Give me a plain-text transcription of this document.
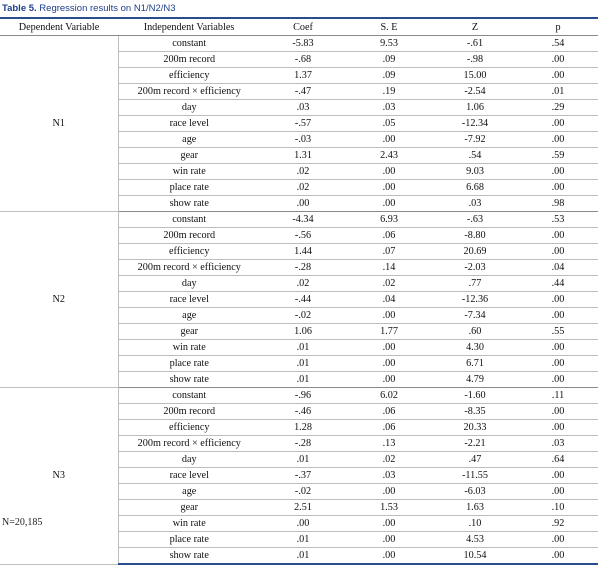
Table 5. Regression results on N1/N2/N3
Dependent Variable	Independent Variables	Coef	S. E	Z	p
N1	constant	-5.83	9.53	-.61	.54
	200m record	-.68	.09	-.98	.00
	efficiency	1.37	.09	15.00	.00
	200m record × efficiency	-.47	.19	-2.54	.01
	day	.03	.03	1.06	.29
	race level	-.57	.05	-12.34	.00
	age	-.03	.00	-7.92	.00
	gear	1.31	2.43	.54	.59
	win rate	.02	.00	9.03	.00
	place rate	.02	.00	6.68	.00
	show rate	.00	.00	.03	.98
N2	constant	-4.34	6.93	-.63	.53
	200m record	-.56	.06	-8.80	.00
	efficiency	1.44	.07	20.69	.00
	200m record × efficiency	-.28	.14	-2.03	.04
	day	.02	.02	.77	.44
	race level	-.44	.04	-12.36	.00
	age	-.02	.00	-7.34	.00
	gear	1.06	1.77	.60	.55
	win rate	.01	.00	4.30	.00
	place rate	.01	.00	6.71	.00
	show rate	.01	.00	4.79	.00
N3	constant	-.96	6.02	-1.60	.11
	200m record	-.46	.06	-8.35	.00
	efficiency	1.28	.06	20.33	.00
	200m record × efficiency	-.28	.13	-2.21	.03
	day	.01	.02	.47	.64
	race level	-.37	.03	-11.55	.00
	age	-.02	.00	-6.03	.00
	gear	2.51	1.53	1.63	.10
	win rate	.00	.00	.10	.92
	place rate	.01	.00	4.53	.00
	show rate	.01	.00	10.54	.00
N=20,185
